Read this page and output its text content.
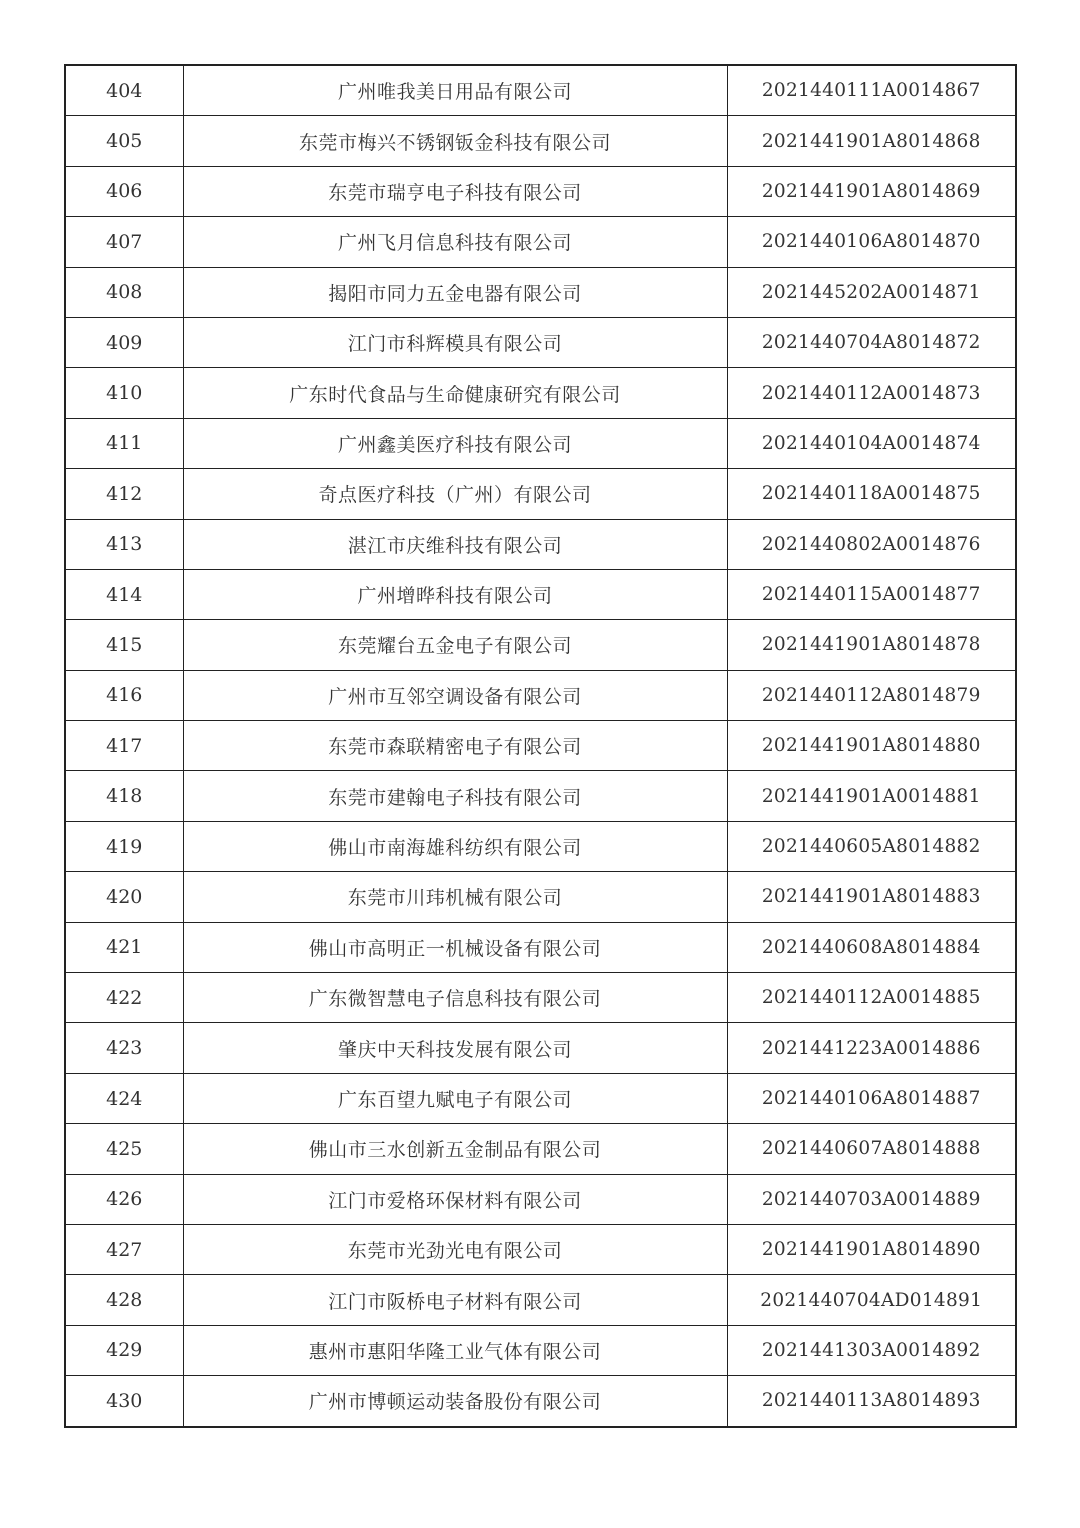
404	广州唯我美日用品有限公司	2021440111A0014867
405	东莞市梅兴不锈钢钣金科技有限公司	2021441901A8014868
406	东莞市瑞亨电子科技有限公司	2021441901A8014869
407	广州飞月信息科技有限公司	2021440106A8014870
408	揭阳市同力五金电器有限公司	2021445202A0014871
409	江门市科辉模具有限公司	2021440704A8014872
410	广东时代食品与生命健康研究有限公司	2021440112A0014873
411	广州鑫美医疗科技有限公司	2021440104A0014874
412	奇点医疗科技（广州）有限公司	2021440118A0014875
413	湛江市庆维科技有限公司	2021440802A0014876
414	广州增晔科技有限公司	2021440115A0014877
415	东莞耀台五金电子有限公司	2021441901A8014878
416	广州市互邻空调设备有限公司	2021440112A8014879
417	东莞市森联精密电子有限公司	2021441901A8014880
418	东莞市建翰电子科技有限公司	2021441901A0014881
419	佛山市南海雄科纺织有限公司	2021440605A8014882
420	东莞市川玮机械有限公司	2021441901A8014883
421	佛山市高明正一机械设备有限公司	2021440608A8014884
422	广东微智慧电子信息科技有限公司	2021440112A0014885
423	肇庆中天科技发展有限公司	2021441223A0014886
424	广东百望九赋电子有限公司	2021440106A8014887
425	佛山市三水创新五金制品有限公司	2021440607A8014888
426	江门市爱格环保材料有限公司	2021440703A0014889
427	东莞市光劲光电有限公司	2021441901A8014890
428	江门市阪桥电子材料有限公司	2021440704AD014891
429	惠州市惠阳华隆工业气体有限公司	2021441303A0014892
430	广州市博顿运动装备股份有限公司	2021440113A8014893
